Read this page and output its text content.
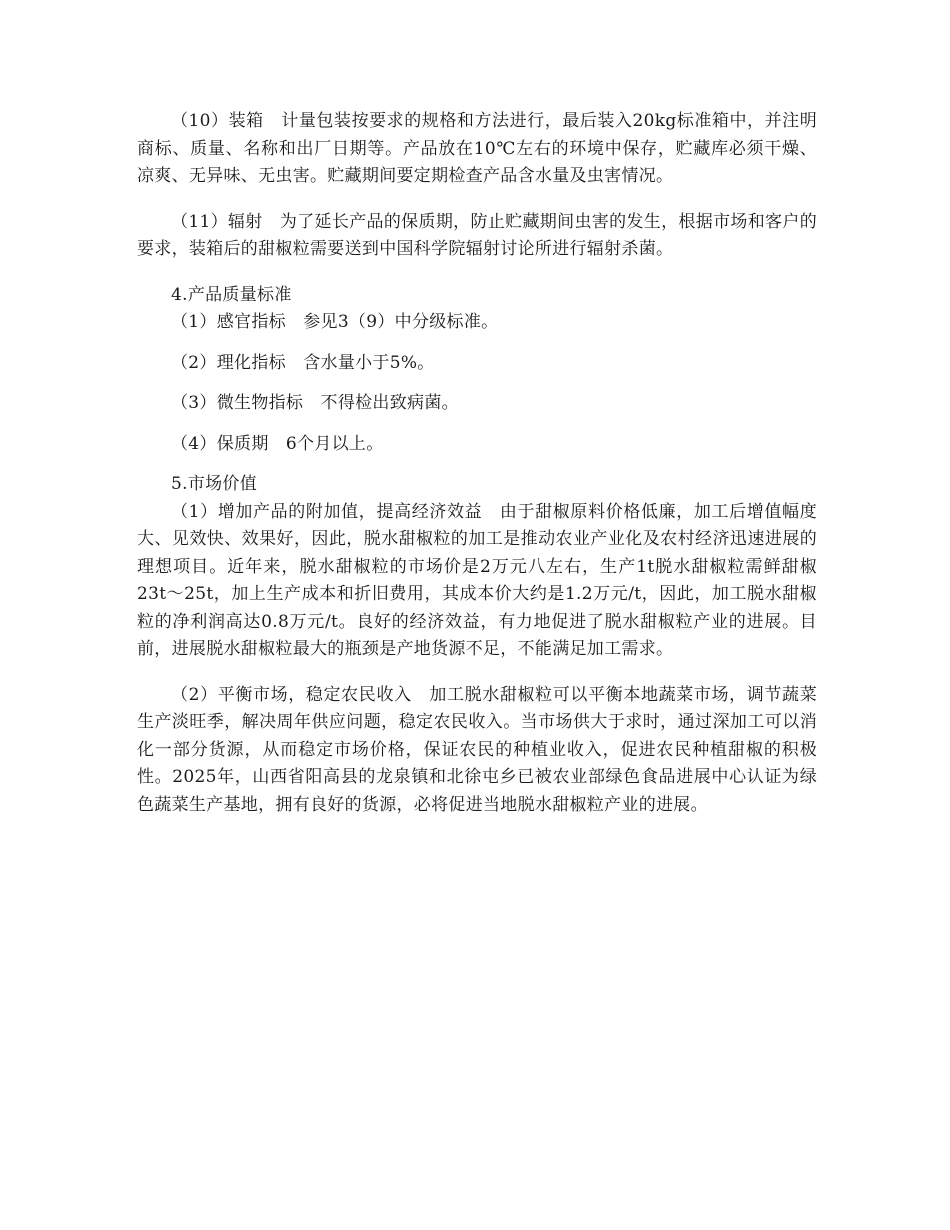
（10）装箱　计量包装按要求的规格和方法进行，最后装入20kg标准箱中，并注明商标、质量、名称和出厂日期等。产品放在10℃左右的环境中保存，贮藏库必须干燥、凉爽、无异味、无虫害。贮藏期间要定期检查产品含水量及虫害情况。

（11）辐射　为了延长产品的保质期，防止贮藏期间虫害的发生，根据市场和客户的要求，装箱后的甜椒粒需要送到中国科学院辐射讨论所进行辐射杀菌。

4.产品质量标准

（1）感官指标　参见3（9）中分级标准。

（2）理化指标　含水量小于5%。

（3）微生物指标　不得检出致病菌。

（4）保质期　6个月以上。

5.市场价值

（1）增加产品的附加值，提高经济效益　由于甜椒原料价格低廉，加工后增值幅度大、见效快、效果好，因此，脱水甜椒粒的加工是推动农业产业化及农村经济迅速进展的理想项目。近年来，脱水甜椒粒的市场价是2万元八左右，生产1t脱水甜椒粒需鲜甜椒23t～25t，加上生产成本和折旧费用，其成本价大约是1.2万元/t，因此，加工脱水甜椒粒的净利润高达0.8万元/t。良好的经济效益，有力地促进了脱水甜椒粒产业的进展。目前，进展脱水甜椒粒最大的瓶颈是产地货源不足，不能满足加工需求。

（2）平衡市场，稳定农民收入　加工脱水甜椒粒可以平衡本地蔬菜市场，调节蔬菜生产淡旺季，解决周年供应问题，稳定农民收入。当市场供大于求时，通过深加工可以消化一部分货源，从而稳定市场价格，保证农民的种植业收入，促进农民种植甜椒的积极性。2025年，山西省阳高县的龙泉镇和北徐屯乡已被农业部绿色食品进展中心认证为绿色蔬菜生产基地，拥有良好的货源，必将促进当地脱水甜椒粒产业的进展。
